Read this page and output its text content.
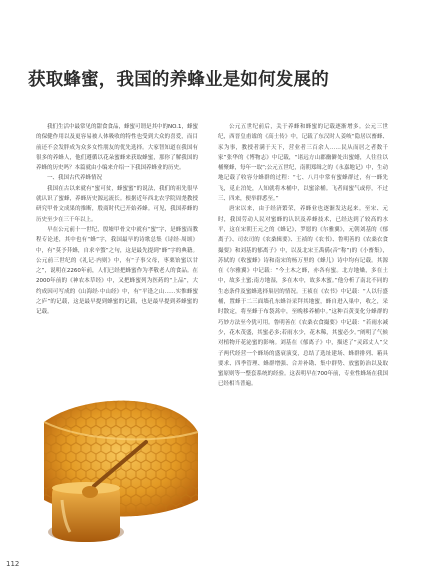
获取蜂蜜，我国的养蜂业是如何发展的

我们生活中最常见的甜食食品，蜂蜜可谓是其中的NO.1，蜂蜜的保健作用以及更容易被人体吸收的特性也受到大众的喜爱，而目前还不会发胖成为众多女性朋友的优先选择。大家智知道在我国有很多的养蜂人，他们遵循以花朵蜜蜂来获取蜂蜜，那你了解我国的养蜂的历史吗？本篇就由小编来介绍一下我国养蜂业的历史。

一、我国古代养蜂情况

我国在古以来就有“蜜可贫，蜂蜜蜜”的说法，我们的祖先很早就认识了蜜蜂，养蜂历史源远流长。根据近年西北农学院周尧教授研究甲骨文成果的推断，殷商时代已开始养蜂。可见，我国养蜂的历史至少在三千年以上。

早在公元前十一世纪，殷墟甲骨文中就有“蜜”字，是蜂蜜而教程专论述，其中也有“蜂”字，我国最早的诗歌总集《诗经·周颂》中，有“莫予荓蜂，自求辛螫”之句，这是最先提到“蜂”字的典籍。公元前三世纪的《礼记·内则》中，有“子事父母，枣栗饴蜜以甘之”，说明在2260年前，人们已经把蜂蜜作为孝敬老人的食品。在2000年前的《神农本草经》中，又把蜂蜜列为医药的“上品”，大约成因可写成的《山海经·中山经》中，有“平逢之山……实惟蜂蜜之庐”的记载，这是最早提到蜂蜜的记载，也是最早提到养蜂蜜的记载。

公元五世纪前后，关于养蜂和蜂蜜的记载逐渐增多。公元三世纪，西晋皇甫谧的《高士传》中，记载了东汉时人姜岐“隐居以畜蜂、豕为事，教授者满于天下，营业者三百余人……民从而居之者数千家”张华的《博物志》中记载，“诸远方山郡幽僻处出蜜蜡，人往往以桶聚蜂，每年一取”;公元五世纪，南朝郑缉之的《永嘉地记》中，生动地记载了收容分蜂群的过程：“七、八月中常有蜜蜂群过，有一蜂先飞，觅止泊处，人知就将木桶中，以蜜涂桶。飞者闻蜜气或停，不过三、四来，便举群悉至。”

唐宋以来，由于经济繁荣，养蜂业也逐渐发达起来。至宋、元时，我国劳动人民对蜜蜂的认识及养蜂技术，已经达到了较高的水平，这在宋朝王元之的《蜂记》，罗愿的《尔雅翼》，元朝刘基的《郁离子》、司农司的《农桑辑要》、王祯的《农书》、鲁明善的《农桑衣食撮要》和刘基的郁离子》中，以及北宋王禹偁(音“称”)的《小畜集》，苏轼的《收蜜蜂》诗和南宋的杨万里的《蜂儿》诗中均有记载。其源在《尔雅翼》中记载：“今土木之蜂，亦各有蜜。北方地燥，多在土中，故多土蜜;南方地湿，多在木中，故多木蜜。”他分析了南北不同的生态条件及蜜蜂选择巢居的情况。王祯在《农书》中记载：“人以行盛桶，置蜂于二三面墙孔东蜂谷采拜其地蜜，蜂自进入巢中，收之，采时散定，将至蜂于布袋蒿中，至晚移养桶中。”这种百黄变化分蜂群的巧妙方法至今犹可用。鲁明善在《农桑衣食撮要》中记载：“若雨水减少，花木茂盛，其蜜必多;若雨水少，花木稀，其蜜必少。”阐明了气候对植物开花泌蜜的影响。刘基在《郁离子》中，描述了“灵邱丈人”父子两代经营一个蜂场的盛衰演变，总结了选址建场、蜂群排列、箱具要求、四季管理、蜂群增强、合并补勘、集中群势、放蜜防治以及取蜜原则等一整套系统的经验。这表明早在700年前，专业性蜂场在我国已经相当普遍。

112
